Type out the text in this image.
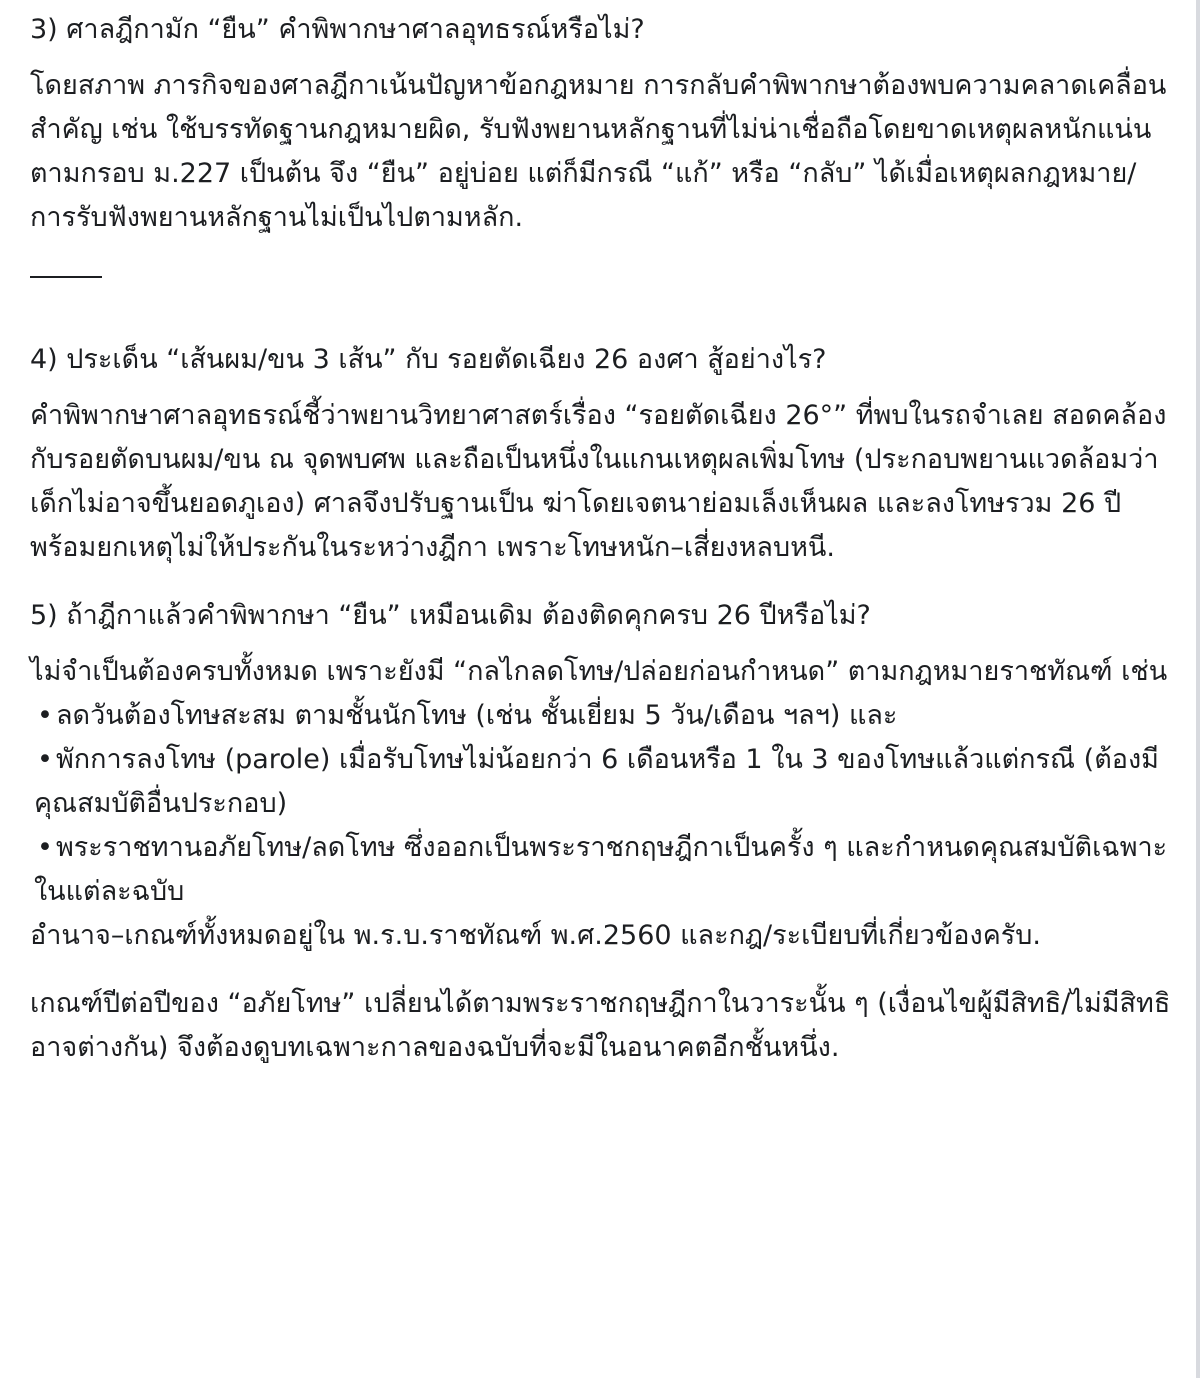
3) ศาลฎีกามัก “ยืน” คำพิพากษาศาลอุทธรณ์หรือไม่?

โดยสภาพ ภารกิจของศาลฎีกาเน้นปัญหาข้อกฎหมาย การกลับคำพิพากษาต้องพบความคลาดเคลื่อนสำคัญ เช่น ใช้บรรทัดฐานกฎหมายผิด, รับฟังพยานหลักฐานที่ไม่น่าเชื่อถือโดยขาดเหตุผลหนักแน่นตามกรอบ ม.227 เป็นต้น จึง “ยืน” อยู่บ่อย แต่ก็มีกรณี “แก้” หรือ “กลับ” ได้เมื่อเหตุผลกฎหมาย/การรับฟังพยานหลักฐานไม่เป็นไปตามหลัก.

4) ประเด็น “เส้นผม/ขน 3 เส้น” กับ รอยตัดเฉียง 26 องศา สู้อย่างไร?

คำพิพากษาศาลอุทธรณ์ชี้ว่าพยานวิทยาศาสตร์เรื่อง “รอยตัดเฉียง 26°” ที่พบในรถจำเลย สอดคล้อง กับรอยตัดบนผม/ขน ณ จุดพบศพ และถือเป็นหนึ่งในแกนเหตุผลเพิ่มโทษ (ประกอบพยานแวดล้อมว่าเด็กไม่อาจขึ้นยอดภูเอง) ศาลจึงปรับฐานเป็น ฆ่าโดยเจตนาย่อมเล็งเห็นผล และลงโทษรวม 26 ปี พร้อมยกเหตุไม่ให้ประกันในระหว่างฎีกา เพราะโทษหนัก–เสี่ยงหลบหนี.

5) ถ้าฎีกาแล้วคำพิพากษา “ยืน” เหมือนเดิม ต้องติดคุกครบ 26 ปีหรือไม่?

ไม่จำเป็นต้องครบทั้งหมด เพราะยังมี “กลไกลดโทษ/ปล่อยก่อนกำหนด” ตามกฎหมายราชทัณฑ์ เช่น

• ลดวันต้องโทษสะสม ตามชั้นนักโทษ (เช่น ชั้นเยี่ยม 5 วัน/เดือน ฯลฯ) และ

• พักการลงโทษ (parole) เมื่อรับโทษไม่น้อยกว่า 6 เดือนหรือ 1 ใน 3 ของโทษแล้วแต่กรณี (ต้องมีคุณสมบัติอื่นประกอบ)

• พระราชทานอภัยโทษ/ลดโทษ ซึ่งออกเป็นพระราชกฤษฎีกาเป็นครั้ง ๆ และกำหนดคุณสมบัติเฉพาะในแต่ละฉบับ

อำนาจ–เกณฑ์ทั้งหมดอยู่ใน พ.ร.บ.ราชทัณฑ์ พ.ศ.2560 และกฎ/ระเบียบที่เกี่ยวข้องครับ.

เกณฑ์ปีต่อปีของ “อภัยโทษ” เปลี่ยนได้ตามพระราชกฤษฎีกาในวาระนั้น ๆ (เงื่อนไขผู้มีสิทธิ/ไม่มีสิทธิอาจต่างกัน) จึงต้องดูบทเฉพาะกาลของฉบับที่จะมีในอนาคตอีกชั้นหนึ่ง.
